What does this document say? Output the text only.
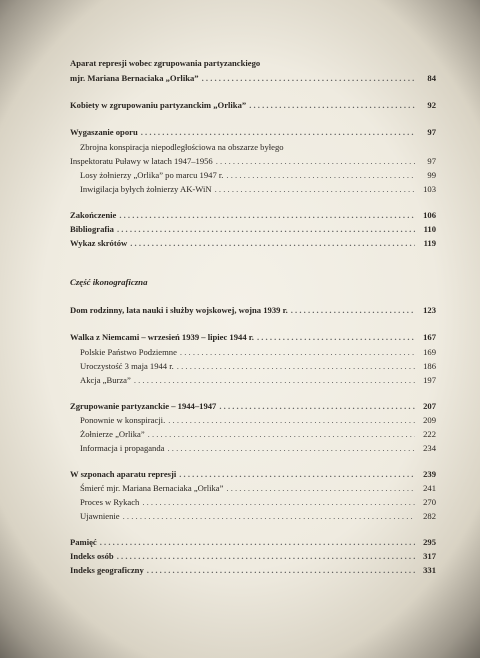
Aparat represji wobec zgrupowania partyzanckiego
mjr. Mariana Bernaciaka „Orlika” . . .	84
Kobiety w zgrupowaniu partyzanckim „Orlika” . . .	92
Wygaszanie oporu . . .	97
Zbrojna konspiracja niepodległościowa na obszarze byłego
Inspektoratu Puławy w latach 1947–1956 . . .	97
Losy żołnierzy „Orlika” po marcu 1947 r. . . .	99
Inwigilacja byłych żołnierzy AK-WiN . . .	103
Zakończenie . . .	106
Bibliografia . . .	110
Wykaz skrótów . . .	119
Część ikonograficzna
Dom rodzinny, lata nauki i służby wojskowej, wojna 1939 r. . . .	123
Walka z Niemcami – wrzesień 1939 – lipiec 1944 r. . . .	167
Polskie Państwo Podziemne . . .	169
Uroczystość 3 maja 1944 r. . . .	186
Akcja „Burza” . . .	197
Zgrupowanie partyzanckie – 1944–1947 . . .	207
Ponownie w konspiracji. . . .	209
Żołnierze „Orlika” . . .	222
Informacja i propaganda . . .	234
W szponach aparatu represji . . .	239
Śmierć mjr. Mariana Bernaciaka „Orlika” . . .	241
Proces w Rykach . . .	270
Ujawnienie . . .	282
Pamięć . . .	295
Indeks osób . . .	317
Indeks geograficzny . . .	331
